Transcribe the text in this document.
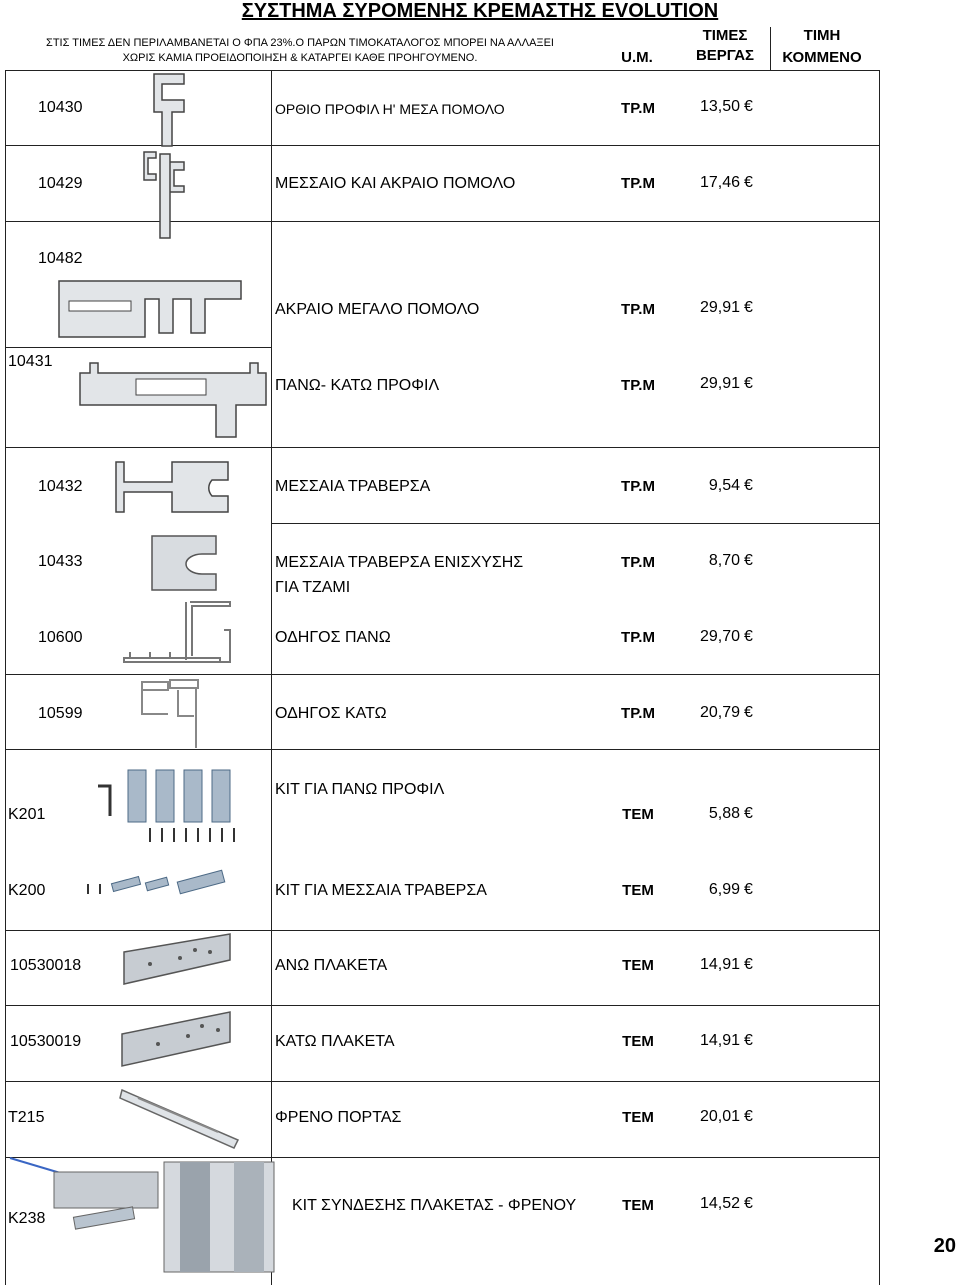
ΣΥΣΤΗΜΑ ΣΥΡΟΜΕΝΗΣ ΚΡΕΜΑΣΤΗΣ EVOLUTION
ΣΤΙΣ ΤΙΜΕΣ ΔΕΝ ΠΕΡΙΛΑΜΒΑΝΕΤΑΙ Ο ΦΠΑ 23%.Ο ΠΑΡΩΝ ΤΙΜΟΚΑΤΑΛΟΓΟΣ ΜΠΟΡΕΙ ΝΑ ΑΛΛΑΞΕΙ
ΧΩΡΙΣ ΚΑΜΙΑ ΠΡΟΕΙΔΟΠΟΙΗΣΗ & ΚΑΤΑΡΓΕΙ ΚΑΘΕ ΠΡΟΗΓΟΥΜΕΝΟ.	U.M.
ΤΙΜΕΣ
ΒΕΡΓΑΣ
ΤΙΜΗ
ΚΟΜΜΕΝΟ
10430
10429
10482
10431
10432
10433
10600
10599
K201
K200
10530018
10530019
T215
K238
ΟΡΘΙΟ ΠΡΟΦΙΛ Η' ΜΕΣΑ ΠΟΜΟΛΟ
ΜΕΣΣΑΙΟ ΚΑΙ ΑΚΡΑΙΟ ΠΟΜΟΛΟ
ΑΚΡΑΙΟ ΜΕΓΑΛΟ ΠΟΜΟΛΟ
ΠΑΝΩ- ΚΑΤΩ ΠΡΟΦΙΛ
ΜΕΣΣΑΙΑ ΤΡΑΒΕΡΣΑ
ΜΕΣΣΑΙΑ ΤΡΑΒΕΡΣΑ ΕΝΙΣΧΥΣΗΣ
ΓΙΑ ΤΖΑΜΙ
ΟΔΗΓΟΣ ΠΑΝΩ
ΟΔΗΓΟΣ ΚΑΤΩ
ΚΙΤ ΓΙΑ ΠΑΝΩ ΠΡΟΦΙΛ
ΚΙΤ ΓΙΑ ΜΕΣΣΑΙΑ ΤΡΑΒΕΡΣΑ
ΑΝΩ ΠΛΑΚΕΤΑ
ΚΑΤΩ ΠΛΑΚΕΤΑ
ΦΡΕΝΟ ΠΟΡΤΑΣ
ΚΙΤ ΣΥΝΔΕΣΗΣ ΠΛΑΚΕΤΑΣ - ΦΡΕΝΟΥ
ΤΡ.Μ
ΤΡ.Μ
ΤΡ.Μ
ΤΡ.Μ
ΤΡ.Μ
ΤΡ.Μ
ΤΡ.Μ
ΤΡ.Μ
ΤΕΜ
ΤΕΜ
ΤΕΜ
ΤΕΜ
ΤΕΜ
ΤΕΜ
13,50
17,46
29,91
29,91
9,54
8,70
29,70
20,79
5,88
6,99
14,91
14,91
20,01
14,52
€
€
€
€
€
€
€
€
€
€
€
€
€
€
20
